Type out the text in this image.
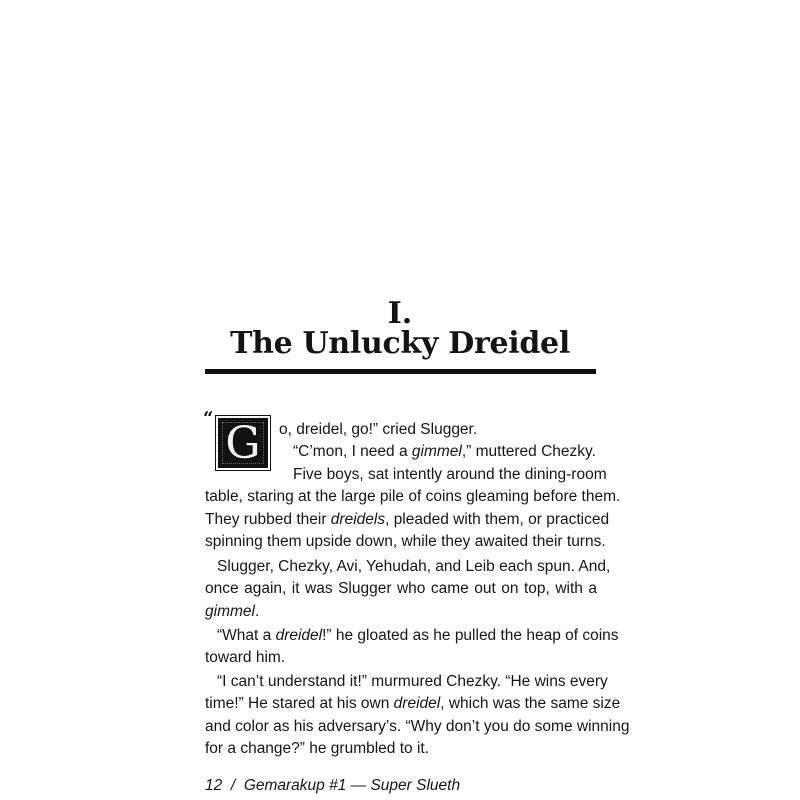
I.
The Unlucky Dreidel
“ G	o, dreidel, go!” cried Slugger.
“C’mon, I need a gimmel,” muttered Chezky.
Five boys, sat intently around the dining-room
table, staring at the large pile of coins gleaming before them.
They rubbed their dreidels, pleaded with them, or practiced
spinning them upside down, while they awaited their turns.
Slugger, Chezky, Avi, Yehudah, and Leib each spun. And,
once again, it was Slugger who came out on top, with a
gimmel.
“What a dreidel!” he gloated as he pulled the heap of coins
toward him.
“I can’t understand it!” murmured Chezky. “He wins every
time!” He stared at his own dreidel, which was the same size
and color as his adversary’s. “Why don’t you do some winning
for a change?” he grumbled to it.
12 / Gemarakup #1 — Super Slueth
